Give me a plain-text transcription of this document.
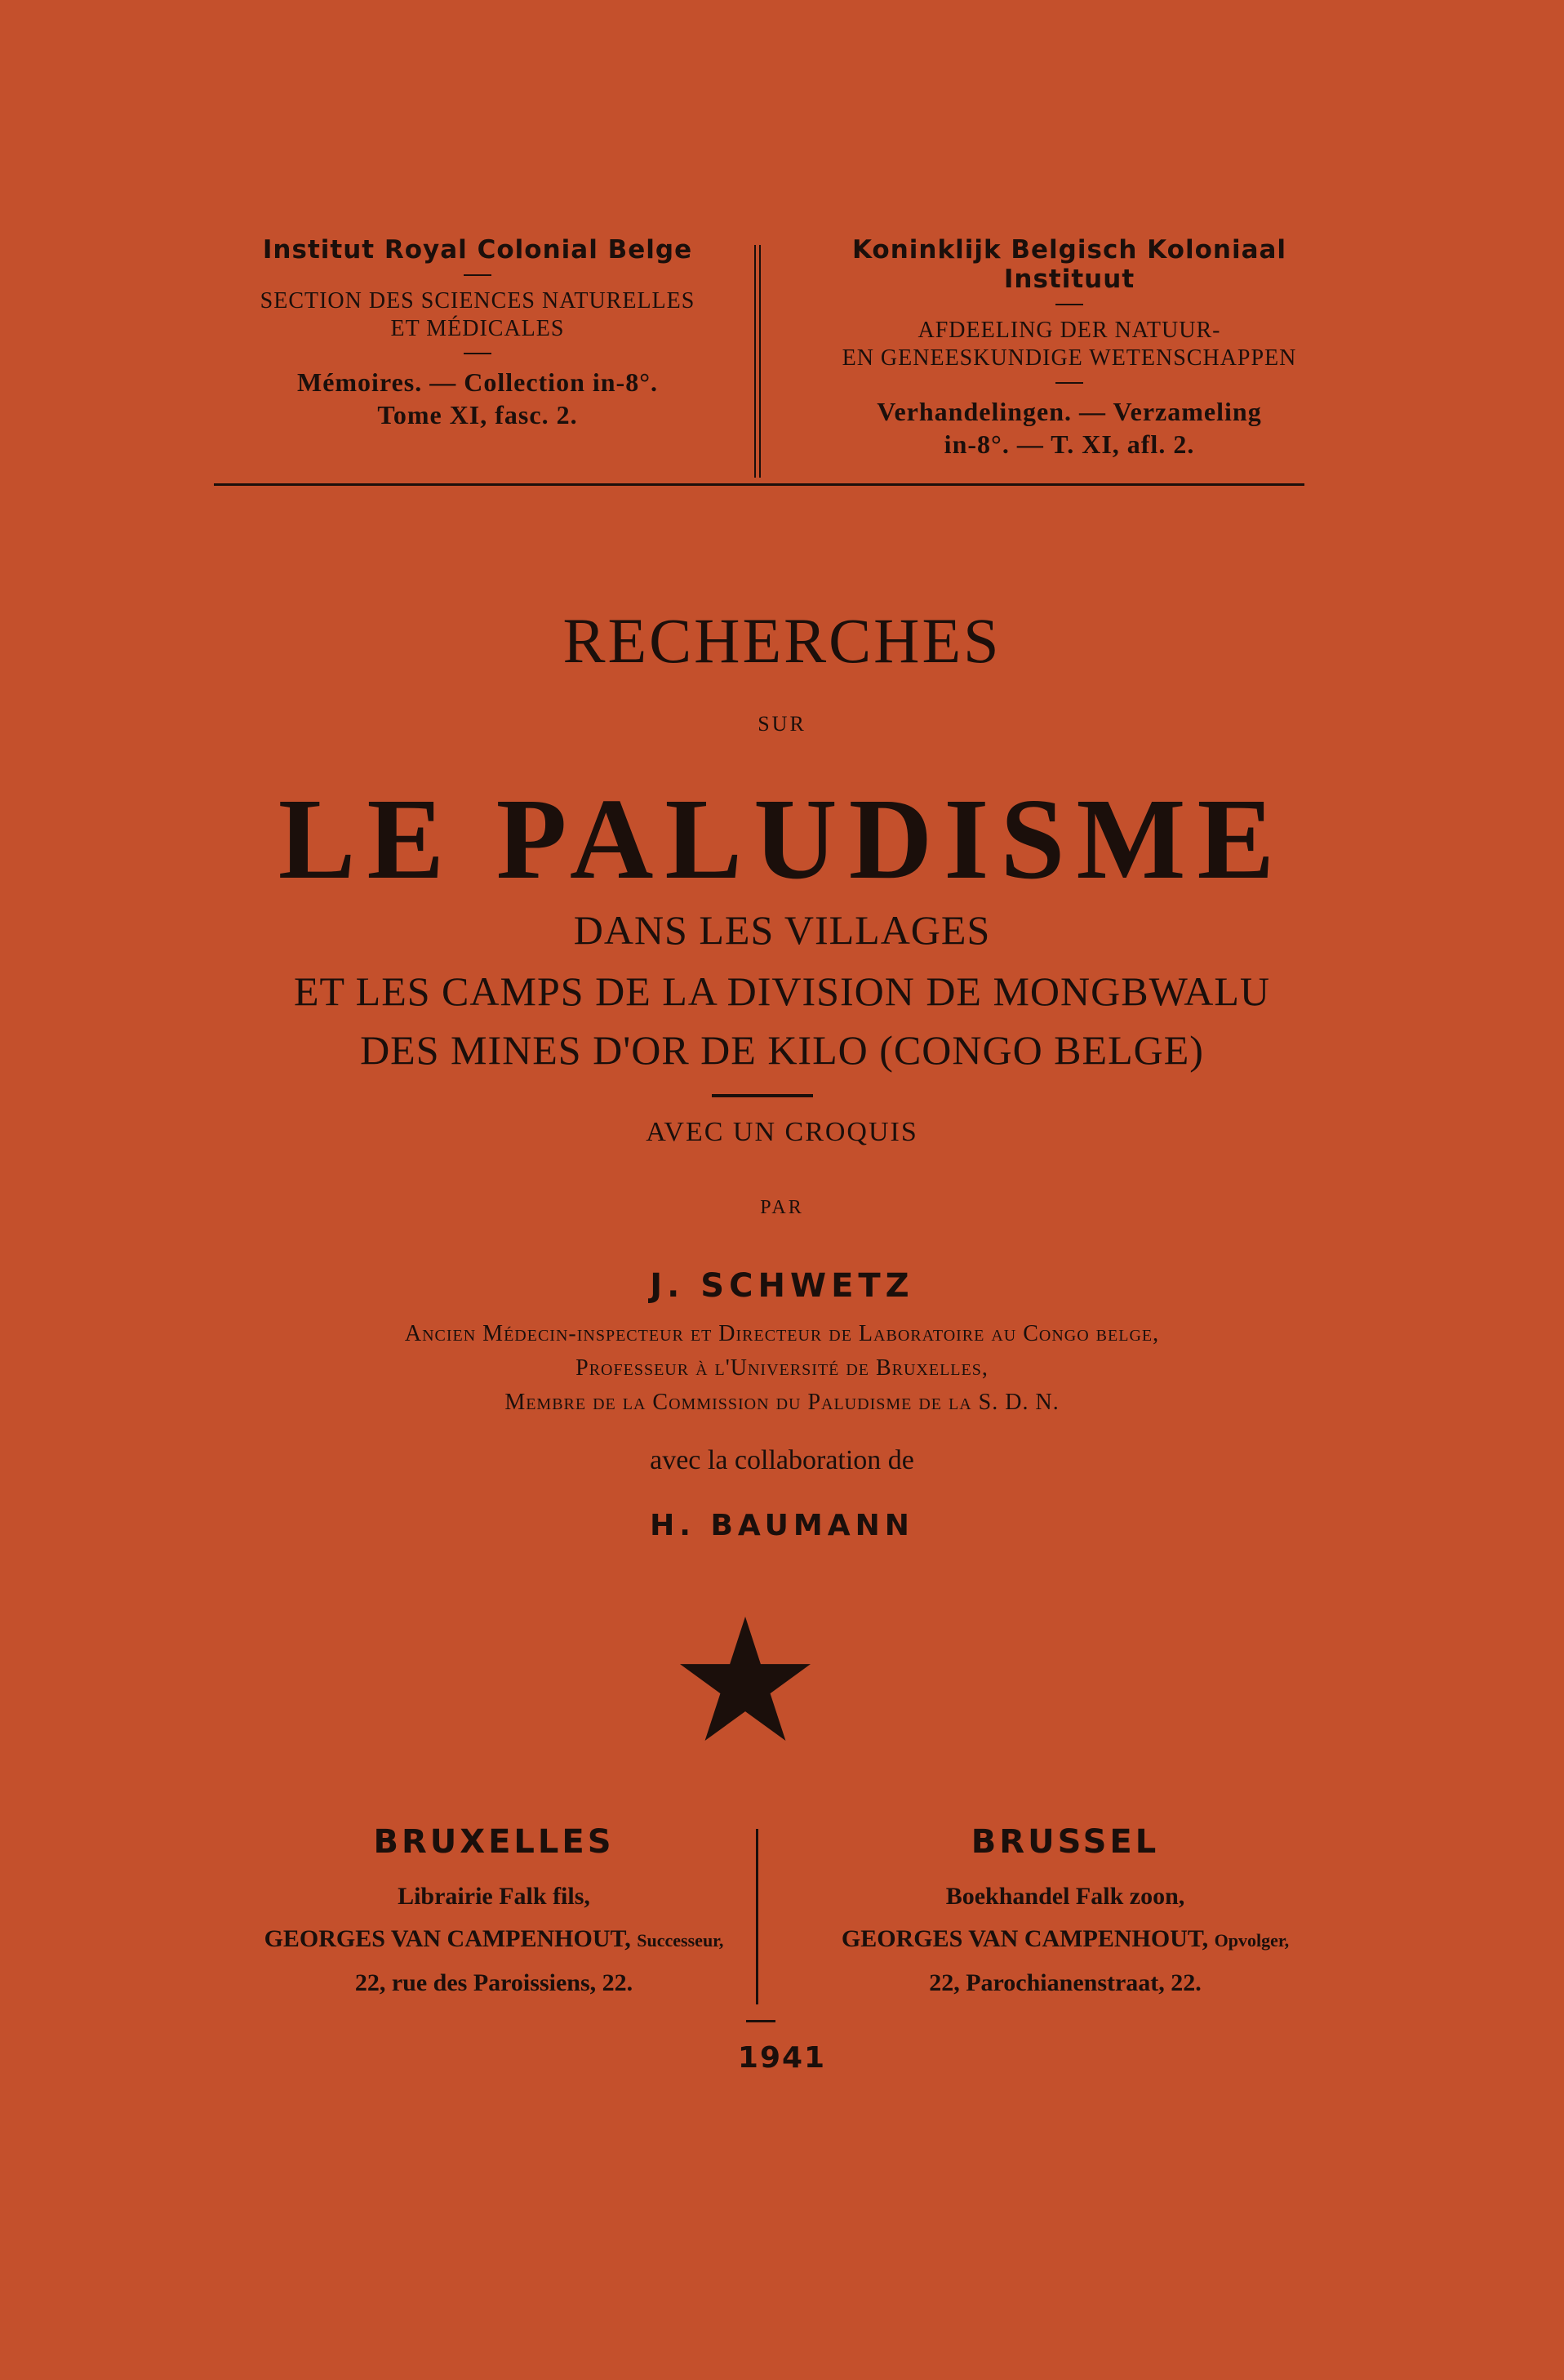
Institut Royal Colonial Belge
SECTION DES SCIENCES NATURELLES
ET MÉDICALES
Mémoires. — Collection in-8°.
Tome XI, fasc. 2.
Koninklijk Belgisch Koloniaal Instituut
AFDEELING DER NATUUR-
EN GENEESKUNDIGE WETENSCHAPPEN
Verhandelingen. — Verzameling
in-8°. — T. XI, afl. 2.
RECHERCHES
SUR
LE PALUDISME
DANS LES VILLAGES
ET LES CAMPS DE LA DIVISION DE MONGBWALU
DES MINES D'OR DE KILO (CONGO BELGE)
AVEC UN CROQUIS
PAR
J. SCHWETZ
Ancien Médecin-inspecteur et Directeur de Laboratoire au Congo belge,
Professeur à l'Université de Bruxelles,
Membre de la Commission du Paludisme de la S. D. N.
avec la collaboration de
H. BAUMANN
BRUXELLES
Librairie Falk fils,
GEORGES VAN CAMPENHOUT, Successeur,
22, rue des Paroissiens, 22.
BRUSSEL
Boekhandel Falk zoon,
GEORGES VAN CAMPENHOUT, Opvolger,
22, Parochianenstraat, 22.
1941
